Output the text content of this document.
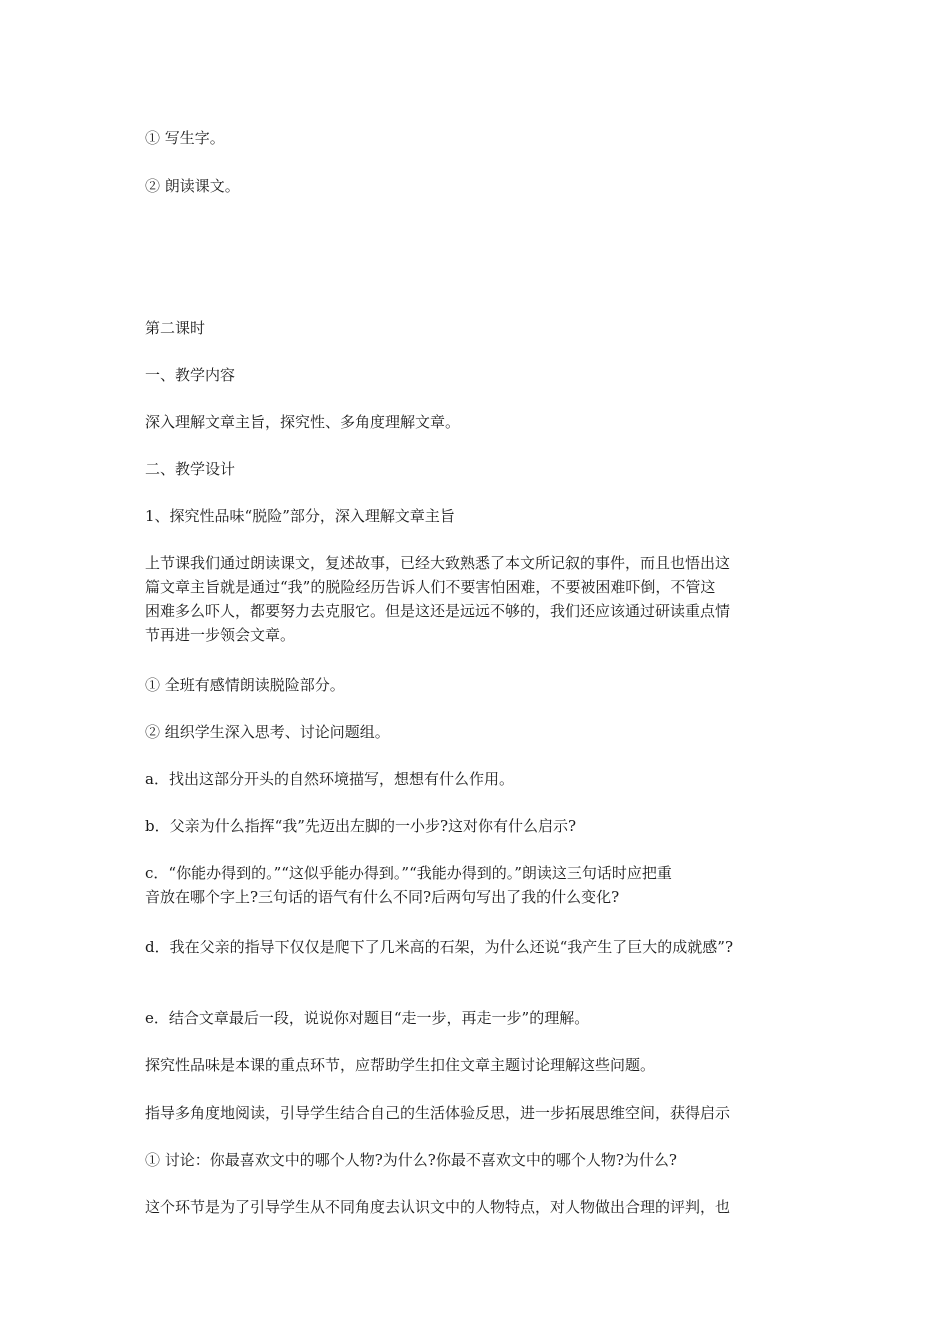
① 写生字。

② 朗读课文。

第二课时

一、教学内容

深入理解文章主旨，探究性、多角度理解文章。

二、教学设计

1、探究性品味“脱险”部分，深入理解文章主旨

上节课我们通过朗读课文，复述故事，已经大致熟悉了本文所记叙的事件，而且也悟出这
篇文章主旨就是通过“我”的脱险经历告诉人们不要害怕困难，不要被困难吓倒，不管这
困难多么吓人，都要努力去克服它。但是这还是远远不够的，我们还应该通过研读重点情
节再进一步领会文章。

① 全班有感情朗读脱险部分。

② 组织学生深入思考、讨论问题组。

a．找出这部分开头的自然环境描写，想想有什么作用。

b．父亲为什么指挥“我”先迈出左脚的一小步?这对你有什么启示?

c．“你能办得到的。”“这似乎能办得到。”“我能办得到的。”朗读这三句话时应把重
音放在哪个字上?三句话的语气有什么不同?后两句写出了我的什么变化?

d．我在父亲的指导下仅仅是爬下了几米高的石架，为什么还说“我产生了巨大的成就感”?

e．结合文章最后一段，说说你对题目“走一步，再走一步”的理解。

探究性品味是本课的重点环节，应帮助学生扣住文章主题讨论理解这些问题。

指导多角度地阅读，引导学生结合自己的生活体验反思，进一步拓展思维空间，获得启示

① 讨论：你最喜欢文中的哪个人物?为什么?你最不喜欢文中的哪个人物?为什么?

这个环节是为了引导学生从不同角度去认识文中的人物特点，对人物做出合理的评判，也
